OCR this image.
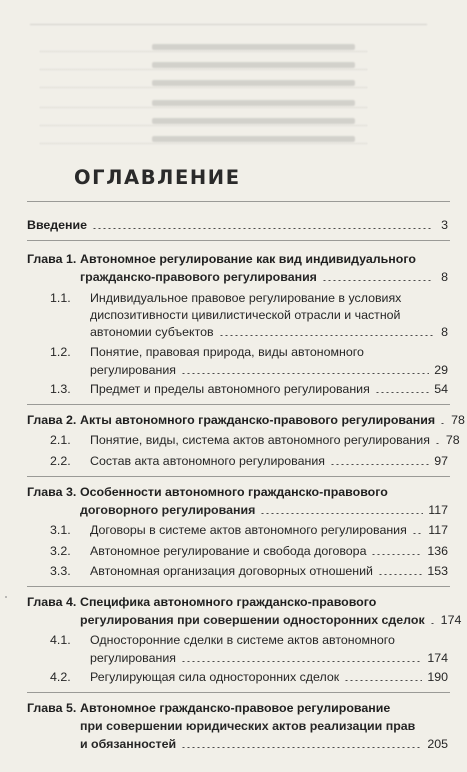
ОГЛАВЛЕНИЕ
Введение	3
Глава 1. Автономное регулирование как вид индивидуального
гражданско-правового регулирования	8
1.1.	Индивидуальное правовое регулирование в условиях
диспозитивности цивилистической отрасли и частной
автономии субъектов	8
1.2.	Понятие, правовая природа, виды автономного
регулирования	29
1.3.	Предмет и пределы автономного регулирования	54
Глава 2. Акты автономного гражданско-правового регулирования 78
2.1.	Понятие, виды, система актов автономного регулирования 78
2.2.	Состав акта автономного регулирования	97
Глава 3. Особенности автономного гражданско-правового
договорного регулирования	117
3.1.	Договоры в системе актов автономного регулирования 117
3.2.	Автономное регулирование и свобода договора	136
3.3.	Автономная организация договорных отношений	153
Глава 4. Специфика автономного гражданско-правового
регулирования при совершении односторонних сделок 174
4.1.	Односторонние сделки в системе актов автономного
регулирования	174
4.2.	Регулирующая сила односторонних сделок	190
Глава 5. Автономное гражданско-правовое регулирование
при совершении юридических актов реализации прав
и обязанностей	205
